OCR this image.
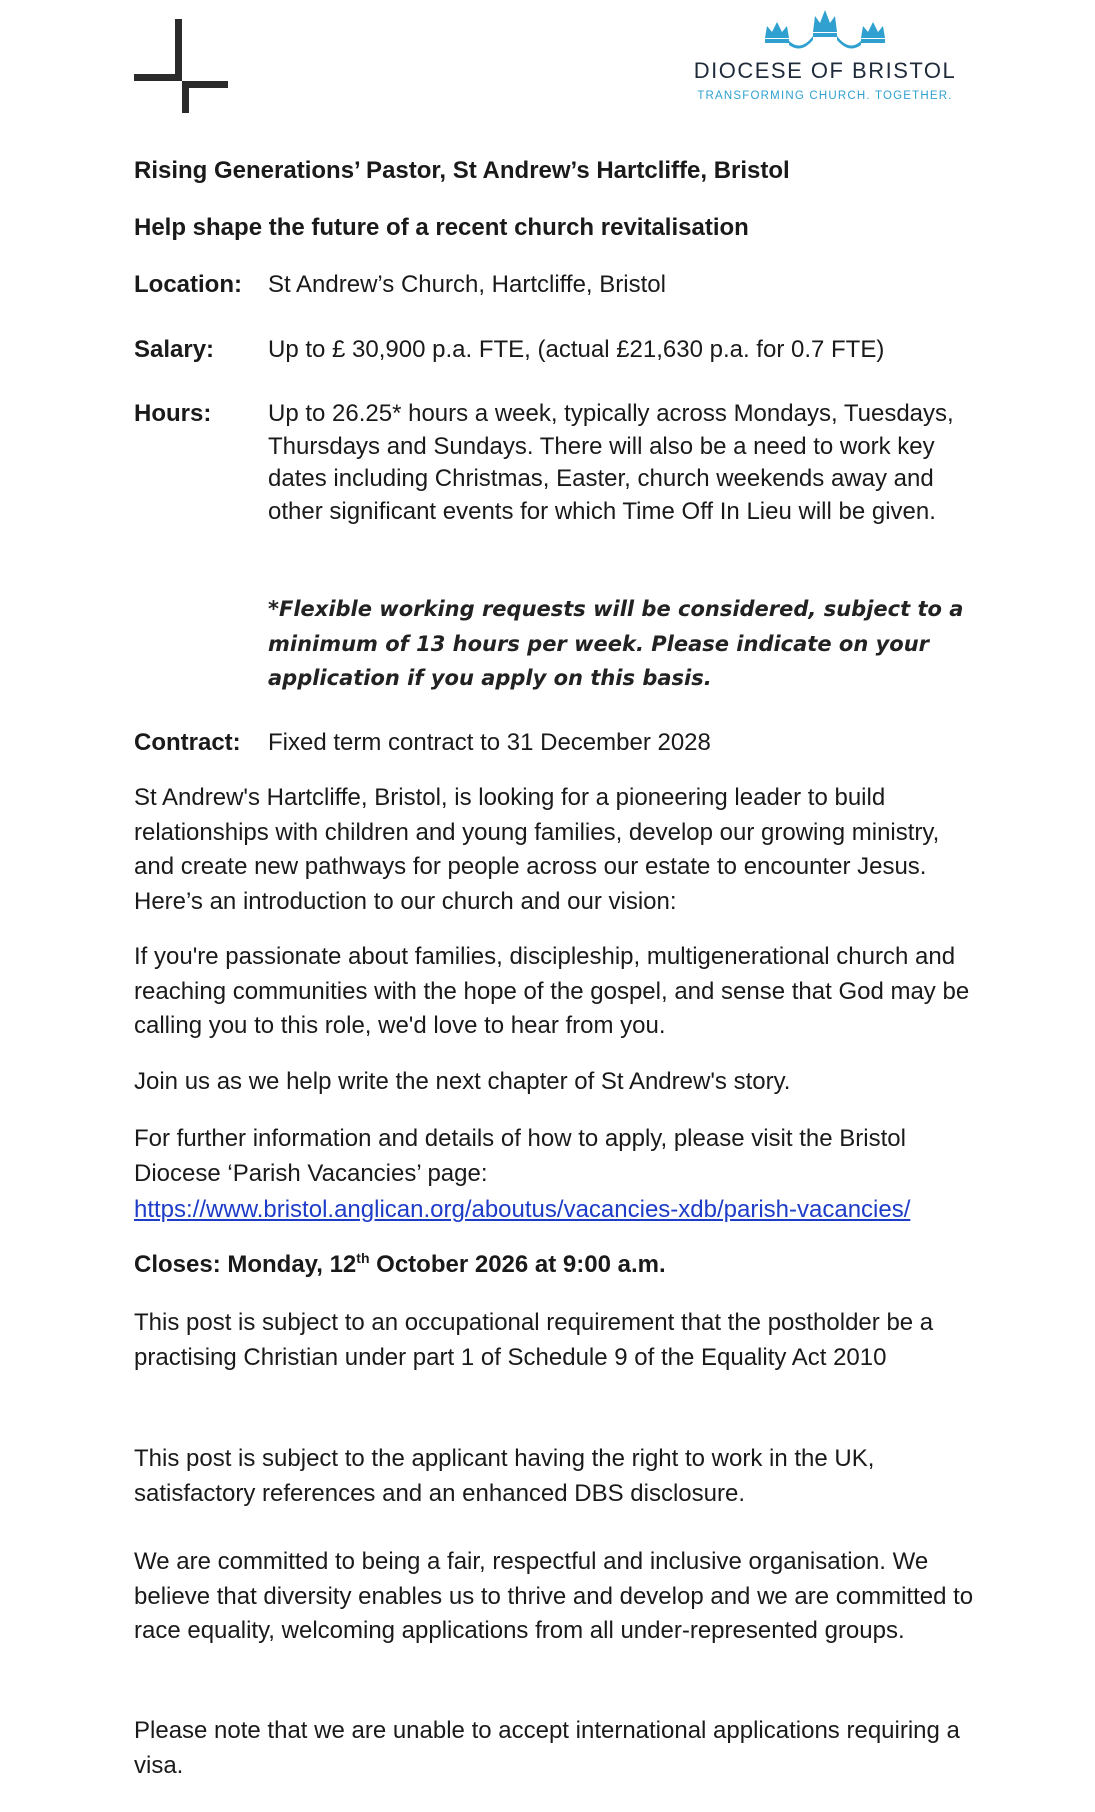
DIOCESE OF BRISTOL
TRANSFORMING CHURCH. TOGETHER.
Rising Generations’ Pastor, St Andrew’s Hartcliffe, Bristol
Help shape the future of a recent church revitalisation
Location: St Andrew’s Church, Hartcliffe, Bristol
Salary: Up to £ 30,900 p.a. FTE, (actual £21,630 p.a. for 0.7 FTE)
Hours: Up to 26.25* hours a week, typically across Mondays, Tuesdays, Thursdays and Sundays. There will also be a need to work key dates including Christmas, Easter, church weekends away and other significant events for which Time Off In Lieu will be given.
*Flexible working requests will be considered, subject to a minimum of 13 hours per week. Please indicate on your application if you apply on this basis.
Contract: Fixed term contract to 31 December 2028
St Andrew's Hartcliffe, Bristol, is looking for a pioneering leader to build relationships with children and young families, develop our growing ministry, and create new pathways for people across our estate to encounter Jesus. Here’s an introduction to our church and our vision:
If you're passionate about families, discipleship, multigenerational church and reaching communities with the hope of the gospel, and sense that God may be calling you to this role, we'd love to hear from you.
Join us as we help write the next chapter of St Andrew's story.
For further information and details of how to apply, please visit the Bristol Diocese ‘Parish Vacancies’ page:
https://www.bristol.anglican.org/aboutus/vacancies-xdb/parish-vacancies/
Closes: Monday, 12th October 2026 at 9:00 a.m.
This post is subject to an occupational requirement that the postholder be a practising Christian under part 1 of Schedule 9 of the Equality Act 2010
This post is subject to the applicant having the right to work in the UK, satisfactory references and an enhanced DBS disclosure.
We are committed to being a fair, respectful and inclusive organisation. We believe that diversity enables us to thrive and develop and we are committed to race equality, welcoming applications from all under-represented groups.
Please note that we are unable to accept international applications requiring a visa.
